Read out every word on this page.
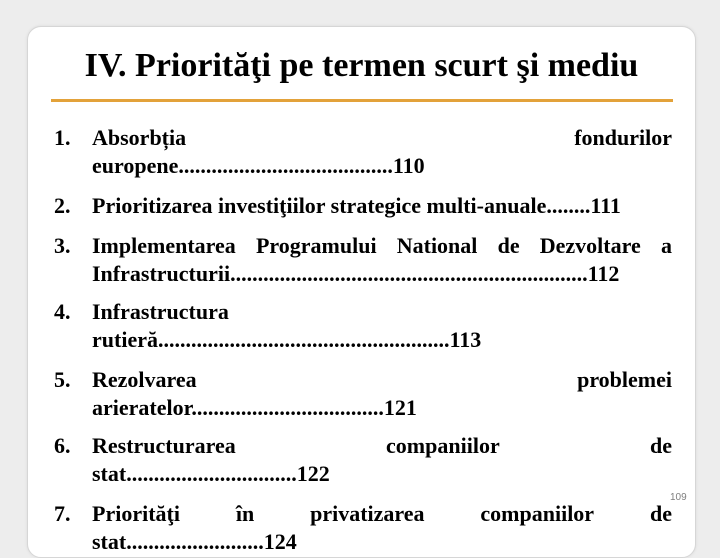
IV. Priorităţi pe termen scurt şi mediu
1. Absorbția	fondurilor
europene.......................................110
2. Prioritizarea investiţiilor strategice multi-anuale........111
3. Implementarea Programului National de Dezvoltare a
Infrastructurii.................................................................112
4. Infrastructura
rutieră.....................................................113
5. Rezolvarea	problemei
arieratelor...................................121
6. Restructurarea	companiilor	de
stat...............................122
7. Priorităţi	în	privatizarea	companiilor	de
stat.........................124
109
